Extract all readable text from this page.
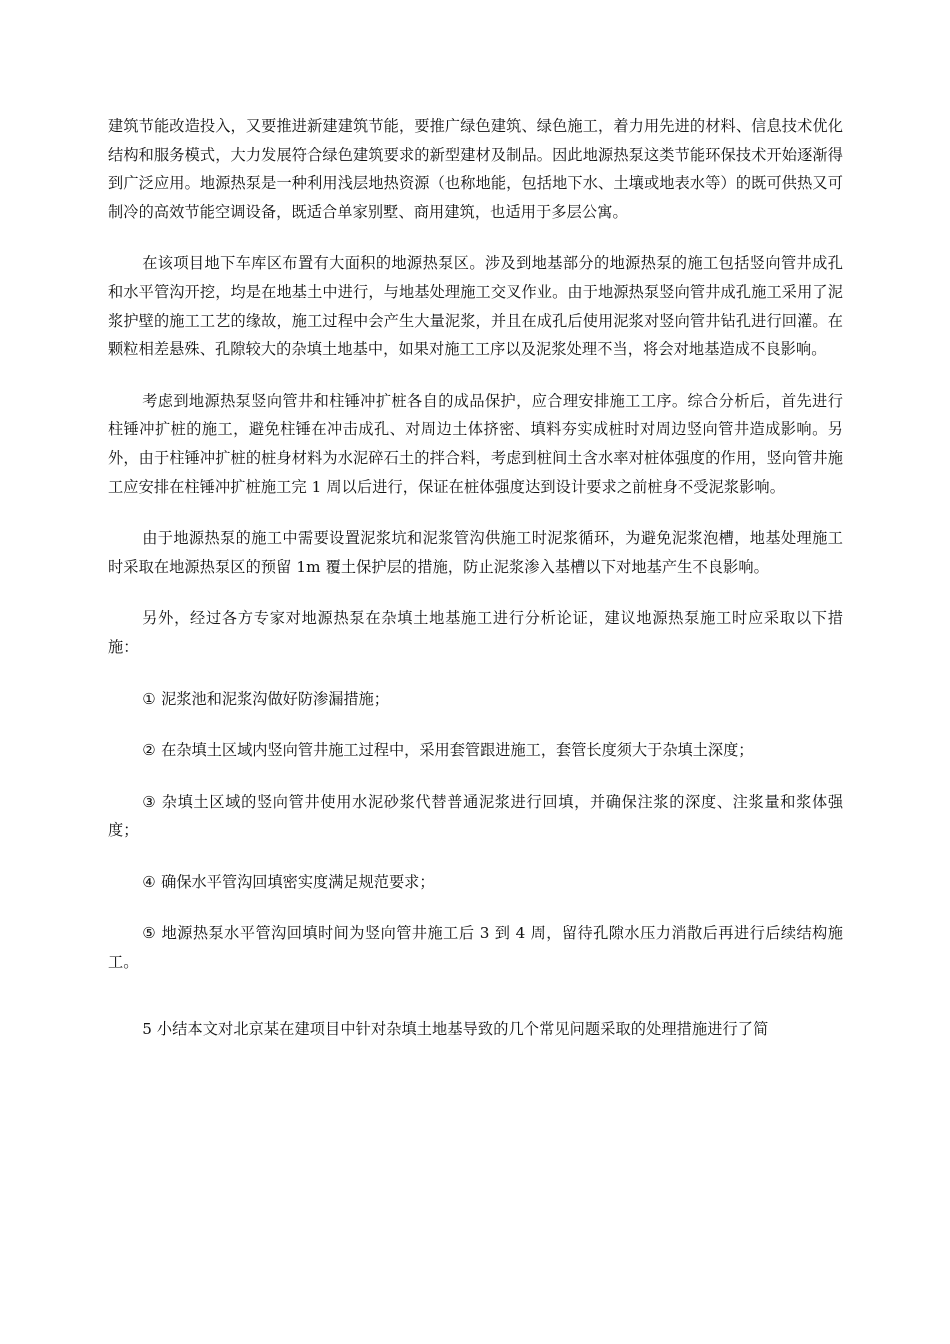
建筑节能改造投入，又要推进新建建筑节能，要推广绿色建筑、绿色施工，着力用先进的材料、信息技术优化结构和服务模式，大力发展符合绿色建筑要求的新型建材及制品。因此地源热泵这类节能环保技术开始逐渐得到广泛应用。地源热泵是一种利用浅层地热资源（也称地能，包括地下水、土壤或地表水等）的既可供热又可制冷的高效节能空调设备，既适合单家别墅、商用建筑，也适用于多层公寓。

在该项目地下车库区布置有大面积的地源热泵区。涉及到地基部分的地源热泵的施工包括竖向管井成孔和水平管沟开挖，均是在地基土中进行，与地基处理施工交叉作业。由于地源热泵竖向管井成孔施工采用了泥浆护壁的施工工艺的缘故，施工过程中会产生大量泥浆，并且在成孔后使用泥浆对竖向管井钻孔进行回灌。在颗粒相差悬殊、孔隙较大的杂填土地基中，如果对施工工序以及泥浆处理不当，将会对地基造成不良影响。

考虑到地源热泵竖向管井和柱锤冲扩桩各自的成品保护，应合理安排施工工序。综合分析后，首先进行柱锤冲扩桩的施工，避免柱锤在冲击成孔、对周边土体挤密、填料夯实成桩时对周边竖向管井造成影响。另外，由于柱锤冲扩桩的桩身材料为水泥碎石土的拌合料，考虑到桩间土含水率对桩体强度的作用，竖向管井施工应安排在柱锤冲扩桩施工完 1 周以后进行，保证在桩体强度达到设计要求之前桩身不受泥浆影响。

由于地源热泵的施工中需要设置泥浆坑和泥浆管沟供施工时泥浆循环，为避免泥浆泡槽，地基处理施工时采取在地源热泵区的预留 1m 覆土保护层的措施，防止泥浆渗入基槽以下对地基产生不良影响。

另外，经过各方专家对地源热泵在杂填土地基施工进行分析论证，建议地源热泵施工时应采取以下措施：

① 泥浆池和泥浆沟做好防渗漏措施；

② 在杂填土区域内竖向管井施工过程中，采用套管跟进施工，套管长度须大于杂填土深度；

③ 杂填土区域的竖向管井使用水泥砂浆代替普通泥浆进行回填，并确保注浆的深度、注浆量和浆体强度；

④ 确保水平管沟回填密实度满足规范要求；

⑤ 地源热泵水平管沟回填时间为竖向管井施工后 3 到 4 周，留待孔隙水压力消散后再进行后续结构施工。

5 小结本文对北京某在建项目中针对杂填土地基导致的几个常见问题采取的处理措施进行了简
